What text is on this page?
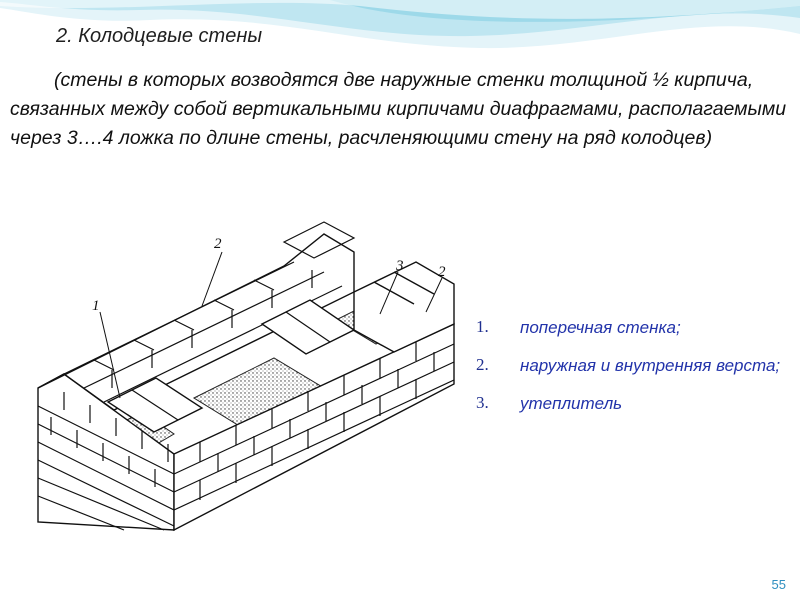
2. Колодцевые стены

(стены в которых возводятся две наружные стенки толщиной ½ кирпича, связанных между собой вертикальными кирпичами диафрагмами, располагаемыми через 3….4 ложка по длине стены, расчленяющими стену на ряд колодцев)

2
1
3 2
1.	поперечная стенка;
2.	наружная и внутренняя верста;
3.	утеплитель
55
